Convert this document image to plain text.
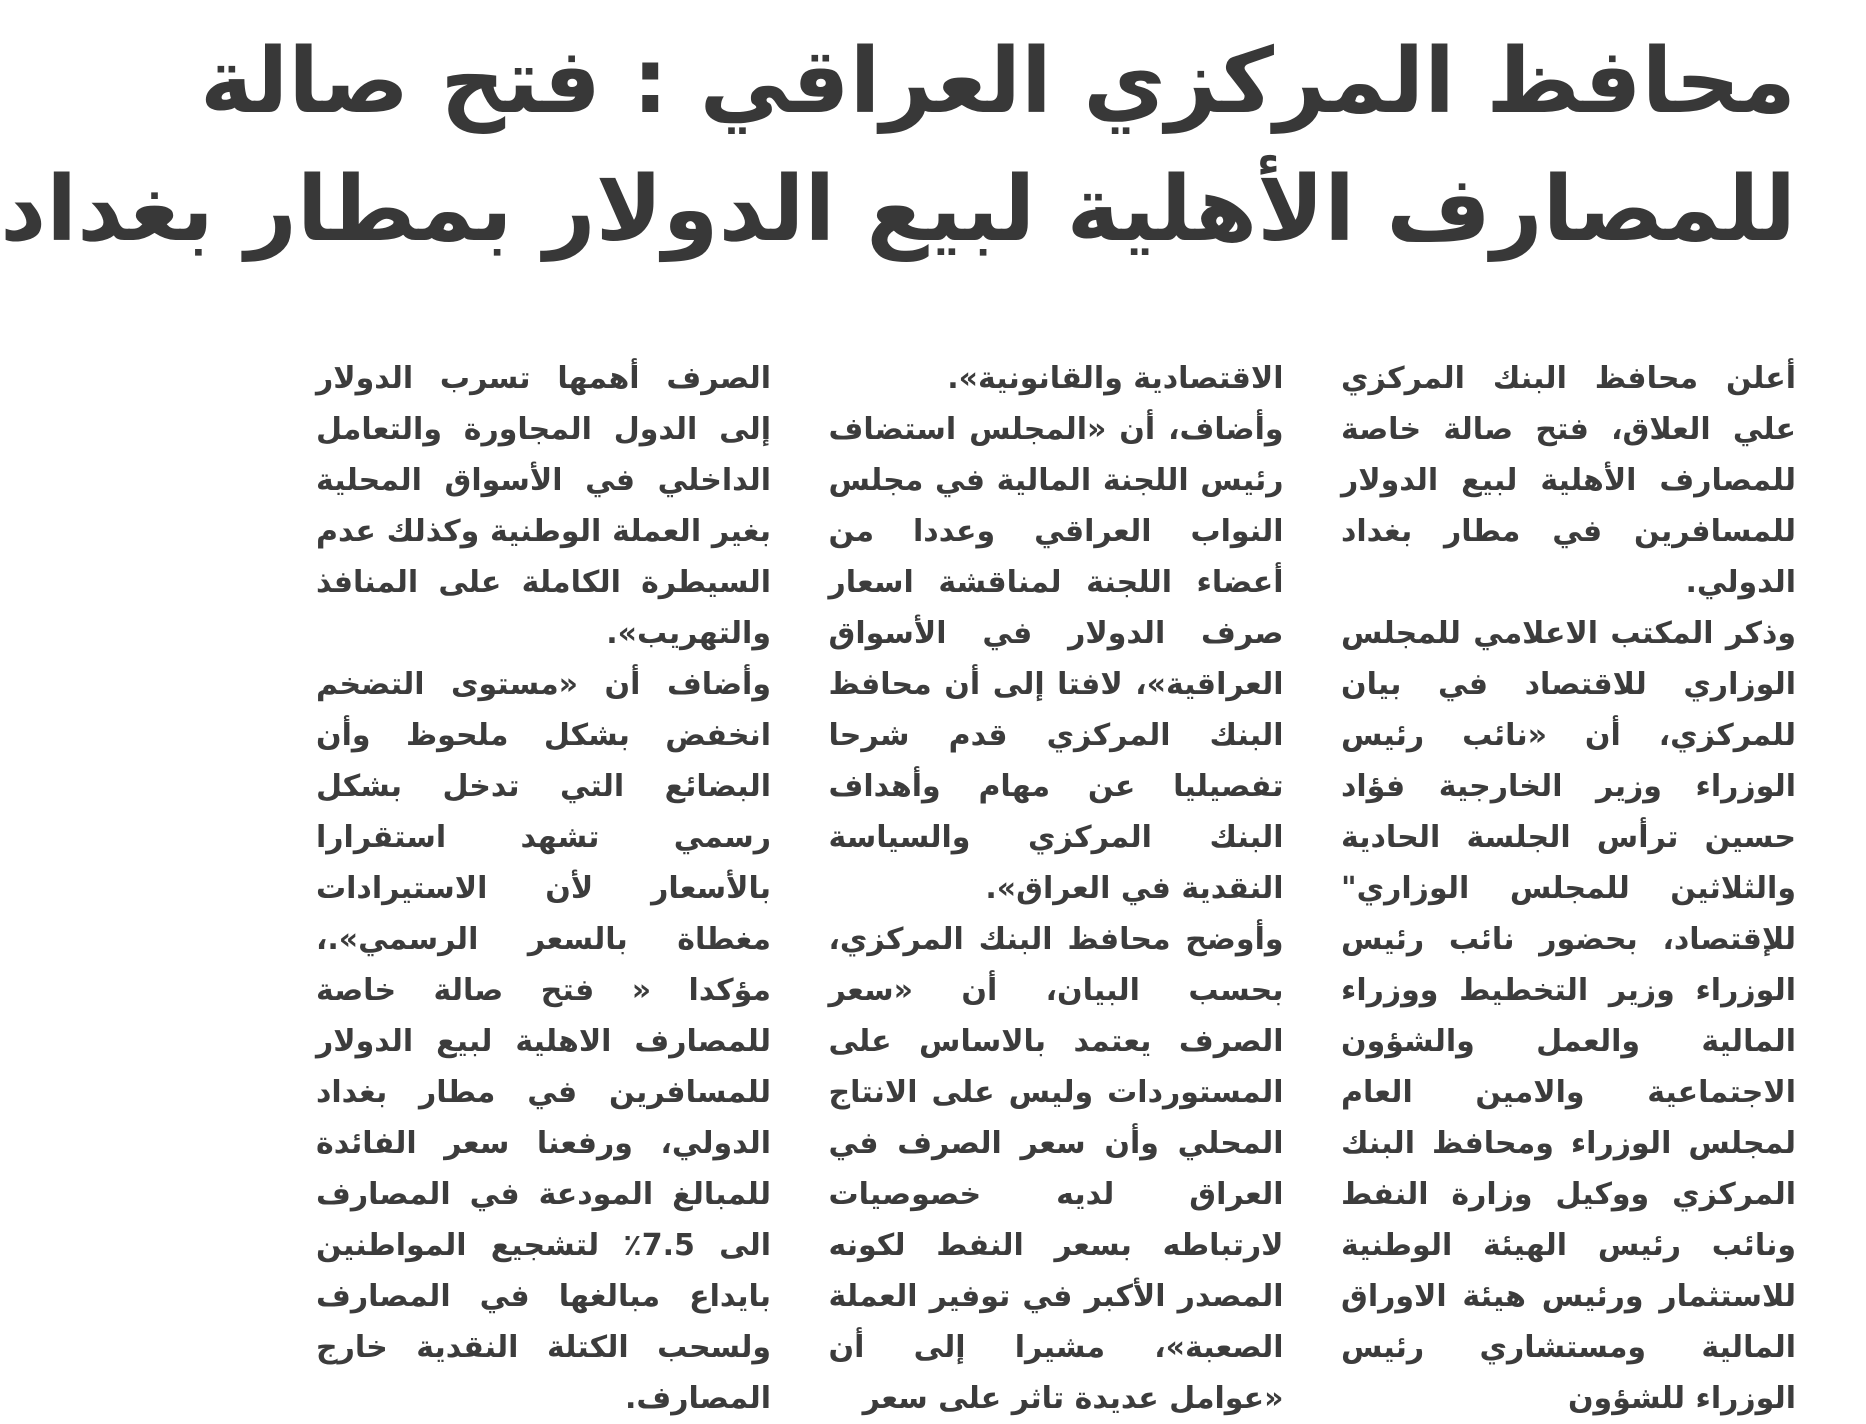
محافظ المركزي العراقي : فتح صالة
للمصارف الأهلية لبيع الدولار بمطار بغداد

أعلن محافظ البنك المركزي علي العلاق، فتح صالة خاصة للمصارف الأهلية لبيع الدولار للمسافرين في مطار بغداد الدولي.

وذكر المكتب الاعلامي للمجلس الوزاري للاقتصاد في بيان للمركزي، أن «نائب رئيس الوزراء وزير الخارجية فؤاد حسين ترأس الجلسة الحادية والثلاثين للمجلس الوزاري" للإقتصاد، بحضور نائب رئيس الوزراء وزير التخطيط ووزراء المالية والعمل والشؤون الاجتماعية والامين العام لمجلس الوزراء ومحافظ البنك المركزي ووكيل وزارة النفط ونائب رئيس الهيئة الوطنية للاستثمار ورئيس هيئة الاوراق المالية ومستشاري رئيس الوزراء للشؤون

الاقتصادية والقانونية».

وأضاف، أن «المجلس استضاف رئيس اللجنة المالية في مجلس النواب العراقي وعددا من أعضاء اللجنة لمناقشة اسعار صرف الدولار في الأسواق العراقية»، لافتا إلى أن محافظ البنك المركزي قدم شرحا تفصيليا عن مهام وأهداف البنك المركزي والسياسة النقدية في العراق».

وأوضح محافظ البنك المركزي، بحسب البيان، أن «سعر الصرف يعتمد بالاساس على المستوردات وليس على الانتاج المحلي وأن سعر الصرف في العراق لديه خصوصيات لارتباطه بسعر النفط لكونه المصدر الأكبر في توفير العملة الصعبة»، مشيرا إلى أن «عوامل عديدة تاثر على سعر

الصرف أهمها تسرب الدولار إلى الدول المجاورة والتعامل الداخلي في الأسواق المحلية بغير العملة الوطنية وكذلك عدم السيطرة الكاملة على المنافذ والتهريب».

وأضاف أن «مستوى التضخم انخفض بشكل ملحوظ وأن البضائع التي تدخل بشكل رسمي تشهد استقرارا بالأسعار لأن الاستيرادات مغطاة بالسعر الرسمي».، مؤكدا « فتح صالة خاصة للمصارف الاهلية لبيع الدولار للمسافرين في مطار بغداد الدولي، ورفعنا سعر الفائدة للمبالغ المودعة في المصارف الى 7.5٪ لتشجيع المواطنين بايداع مبالغها في المصارف ولسحب الكتلة النقدية خارج المصارف.
